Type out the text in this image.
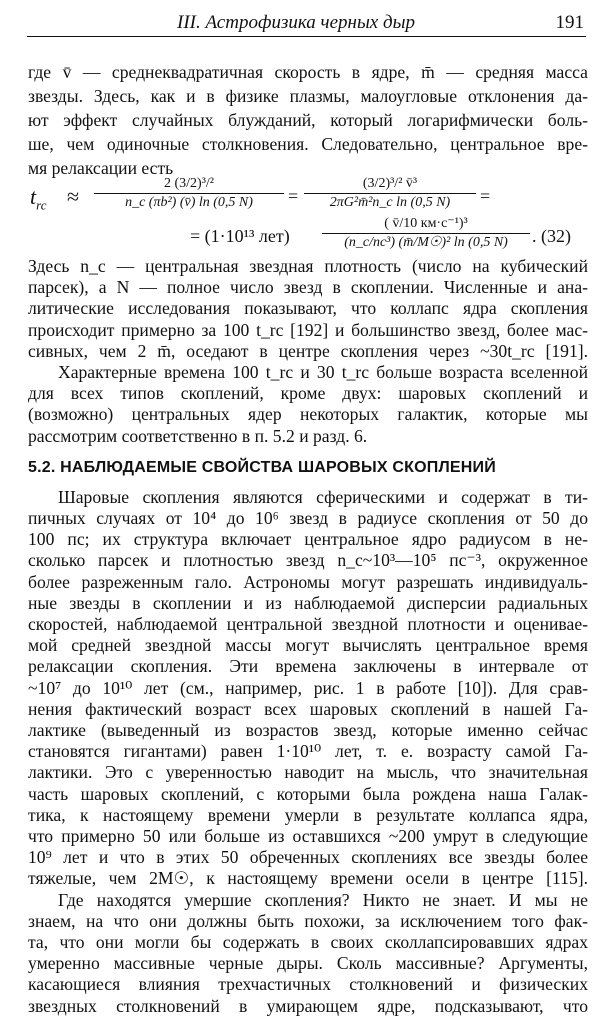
III. Астрофизика черных дыр	191
где v̄ — среднеквадратичная скорость в ядре, m̄ — средняя масса
звезды. Здесь, как и в физике плазмы, малоугловые отклонения да-
ют эффект случайных блужданий, который логарифмически боль-
ше, чем одиночные столкновения. Следовательно, центральное вре-
мя релаксации есть
$t_{rc} \approx \frac{\text{2 (3/2)³/²}}{\text{n\_c (πb²) (v̄) ln (0,5 N)}} = \frac{\text{(3/2)³/² v̄³}}{\text{2πG²m̄²n\_c ln (0,5 N)}}$ =
= (1·10¹³ лет)
( v̄/10 км·с⁻¹)³
(n_c/пс³) (m̄/M☉)² ln (0,5 N)	. (32)
Здесь n_c — центральная звездная плотность (число на кубический
парсек), а N — полное число звезд в скоплении. Численные и ана-
литические исследования показывают, что коллапс ядра скопления
происходит примерно за 100 t_rc [192] и большинство звезд, более мас-
сивных, чем 2 m̄, оседают в центре скопления через ~30t_rc [191].
Характерные времена 100 t_rc и 30 t_rc больше возраста вселенной
для всех типов скоплений, кроме двух: шаровых скоплений и
(возможно) центральных ядер некоторых галактик, которые мы
5.2. НАБЛЮДАЕМЫЕ СВОЙСТВА ШАРОВЫХ СКОПЛЕНИЙ
Шаровые скопления являются сферическими и содержат в ти-
пичных случаях от 10⁴ до 10⁶ звезд в радиусе скопления от 50 до
100 пс; их структура включает центральное ядро радиусом в не-
сколько парсек и плотностью звезд n_c~10³—10⁵ пс⁻³, окруженное
более разреженным гало. Астрономы могут разрешать индивидуаль-
ные звезды в скоплении и из наблюдаемой дисперсии радиальных
скоростей, наблюдаемой центральной звездной плотности и оценивае-
мой средней звездной массы могут вычислять центральное время
релаксации скопления. Эти времена заключены в интервале от
~10⁷ до 10¹⁰ лет (см., например, рис. 1 в работе [10]). Для срав-
нения фактический возраст всех шаровых скоплений в нашей Га-
лактике (выведенный из возрастов звезд, которые именно сейчас
становятся гигантами) равен 1·10¹⁰ лет, т. е. возрасту самой Га-
лактики. Это с уверенностью наводит на мысль, что значительная
часть шаровых скоплений, с которыми была рождена наша Галак-
тика, к настоящему времени умерли в результате коллапса ядра,
что примерно 50 или больше из оставшихся ~200 умрут в следующие
10⁹ лет и что в этих 50 обреченных скоплениях все звезды более
тяжелые, чем 2M☉, к настоящему времени осели в центре [115].
Где находятся умершие скопления? Никто не знает. И мы не
знаем, на что они должны быть похожи, за исключением того фак-
та, что они могли бы содержать в своих сколлапсировавших ядрах
умеренно массивные черные дыры. Сколь массивные? Аргументы,
касающиеся влияния трехчастичных столкновений и физических
звездных столкновений в умирающем ядре, подсказывают, что
рассмотрим соответственно в п. 5.2 и разд. 6.
